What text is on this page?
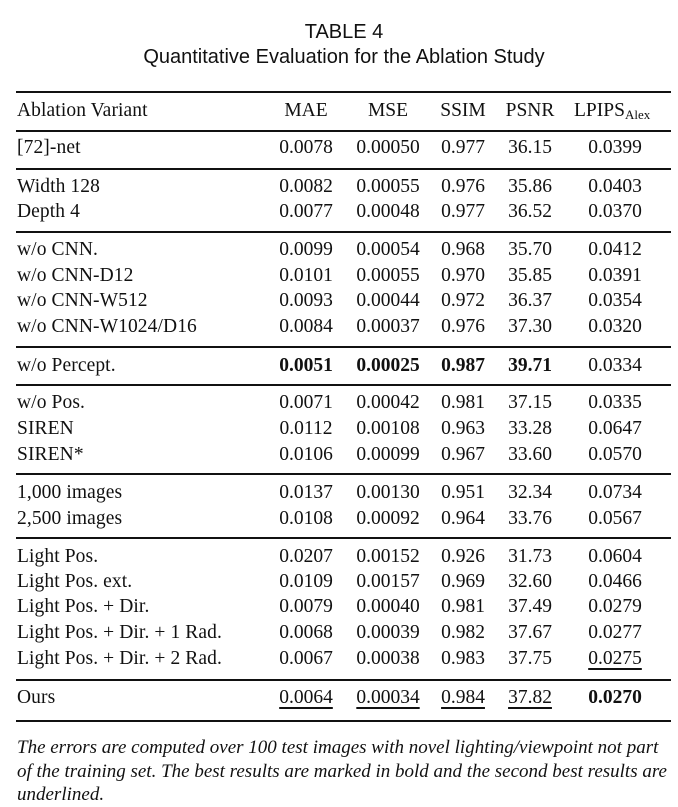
TABLE 4
Quantitative Evaluation for the Ablation Study
Ablation Variant	MAE	MSE	SSIM	PSNR	$LPIPS_{Alex}$
[72]-net	0.0078	0.00050	0.977	36.15	0.0399
Width 128	0.0082	0.00055	0.976	35.86	0.0403
Depth 4	0.0077	0.00048	0.977	36.52	0.0370
w/o CNN.	0.0099	0.00054	0.968	35.70	0.0412
w/o CNN-D12	0.0101	0.00055	0.970	35.85	0.0391
w/o CNN-W512	0.0093	0.00044	0.972	36.37	0.0354
w/o CNN-W1024/D16	0.0084	0.00037	0.976	37.30	0.0320
w/o Percept.	0.0051	0.00025	0.987	39.71	0.0334
w/o Pos.	0.0071	0.00042	0.981	37.15	0.0335
SIREN	0.0112	0.00108	0.963	33.28	0.0647
SIREN*	0.0106	0.00099	0.967	33.60	0.0570
1,000 images	0.0137	0.00130	0.951	32.34	0.0734
2,500 images	0.0108	0.00092	0.964	33.76	0.0567
Light Pos.	0.0207	0.00152	0.926	31.73	0.0604
Light Pos. ext.	0.0109	0.00157	0.969	32.60	0.0466
Light Pos. + Dir.	0.0079	0.00040	0.981	37.49	0.0279
Light Pos. + Dir. + 1 Rad.	0.0068	0.00039	0.982	37.67	0.0277
Light Pos. + Dir. + 2 Rad.	0.0067	0.00038	0.983	37.75	0.0275
Ours	0.0064	0.00034	0.984	37.82	0.0270
The errors are computed over 100 test images with novel lighting/viewpoint not part of the training set. The best results are marked in bold and the second best results are underlined.
